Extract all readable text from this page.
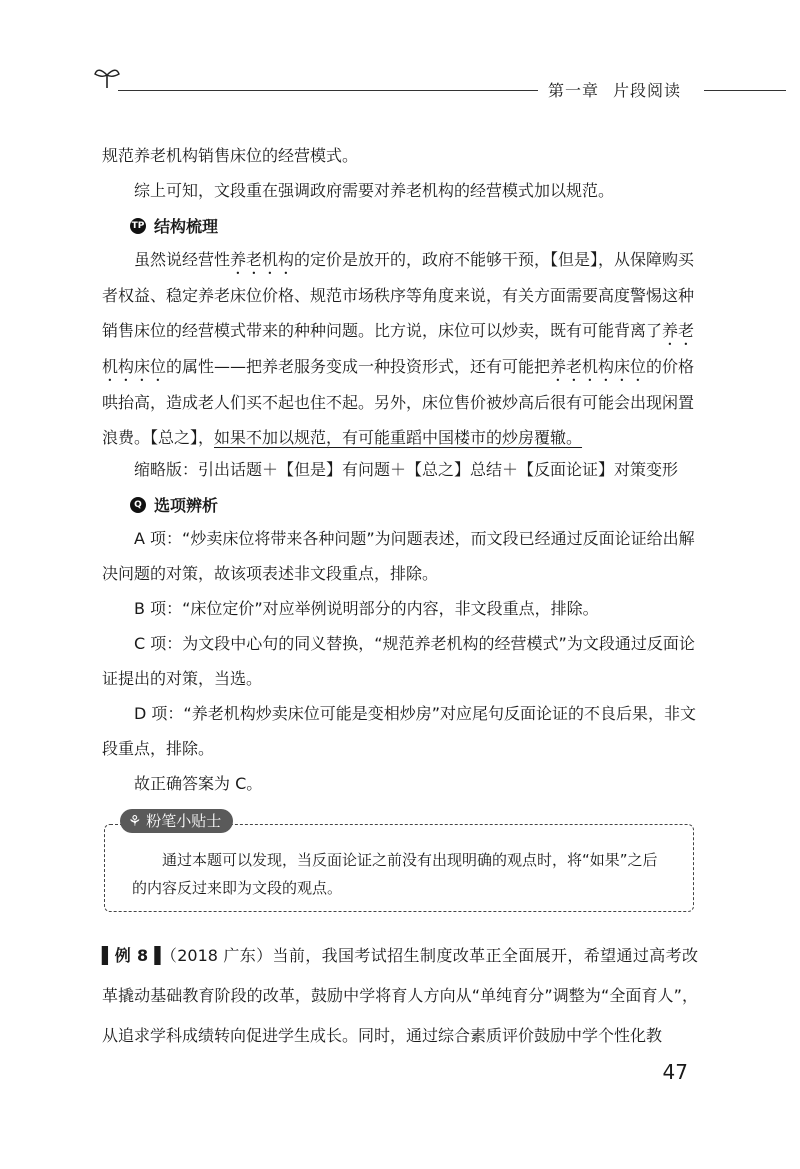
第一章 片段阅读

规范养老机构销售床位的经营模式。

综上可知，文段重在强调政府需要对养老机构的经营模式加以规范。

TP 结构梳理

虽然说经营性养老机构的定价是放开的，政府不能够干预，【但是】，从保障购买者权益、稳定养老床位价格、规范市场秩序等角度来说，有关方面需要高度警惕这种销售床位的经营模式带来的种种问题。比方说，床位可以炒卖，既有可能背离了养老机构床位的属性——把养老服务变成一种投资形式，还有可能把养老机构床位的价格哄抬高，造成老人们买不起也住不起。另外，床位售价被炒高后很有可能会出现闲置浪费。【总之】，如果不加以规范，有可能重蹈中国楼市的炒房覆辙。

缩略版：引出话题＋【但是】有问题＋【总之】总结＋【反面论证】对策变形

Q 选项辨析

A 项：“炒卖床位将带来各种问题”为问题表述，而文段已经通过反面论证给出解决问题的对策，故该项表述非文段重点，排除。

B 项：“床位定价”对应举例说明部分的内容，非文段重点，排除。

C 项：为文段中心句的同义替换，“规范养老机构的经营模式”为文段通过反面论证提出的对策，当选。

D 项：“养老机构炒卖床位可能是变相炒房”对应尾句反面论证的不良后果，非文段重点，排除。

故正确答案为 C。

⚘ 粉笔小贴士

通过本题可以发现，当反面论证之前没有出现明确的观点时，将“如果”之后的内容反过来即为文段的观点。

▌例 8▐（2018 广东）当前，我国考试招生制度改革正全面展开，希望通过高考改革撬动基础教育阶段的改革，鼓励中学将育人方向从“单纯育分”调整为“全面育人”，从追求学科成绩转向促进学生成长。同时，通过综合素质评价鼓励中学个性化教

47
